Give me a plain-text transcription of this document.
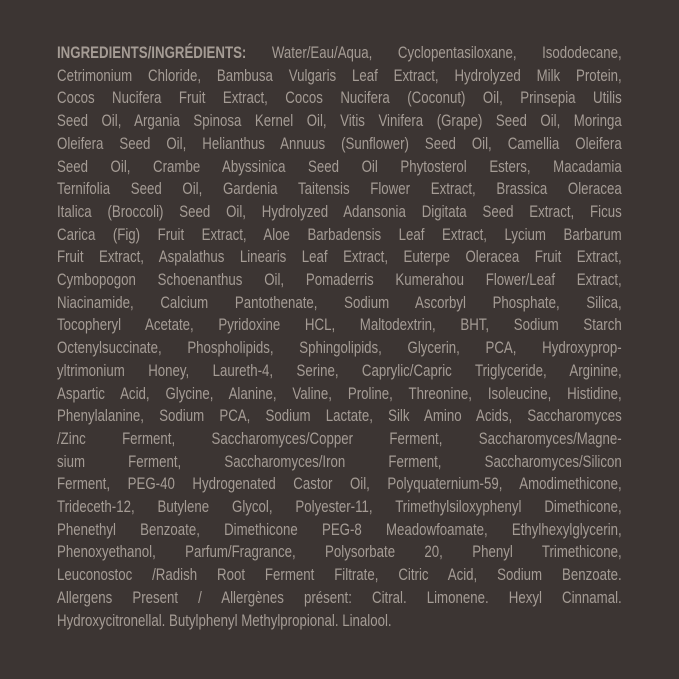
INGREDIENTS/INGRÉDIENTS: Water/Eau/Aqua, Cyclopentasiloxane, Isododecane,

Cetrimonium Chloride, Bambusa Vulgaris Leaf Extract, Hydrolyzed Milk Protein,

Cocos Nucifera Fruit Extract, Cocos Nucifera (Coconut) Oil, Prinsepia Utilis

Seed Oil, Argania Spinosa Kernel Oil, Vitis Vinifera (Grape) Seed Oil, Moringa

Oleifera Seed Oil, Helianthus Annuus (Sunflower) Seed Oil, Camellia Oleifera

Seed Oil, Crambe Abyssinica Seed Oil Phytosterol Esters, Macadamia

Ternifolia Seed Oil, Gardenia Taitensis Flower Extract, Brassica Oleracea

Italica (Broccoli) Seed Oil, Hydrolyzed Adansonia Digitata Seed Extract, Ficus

Carica (Fig) Fruit Extract, Aloe Barbadensis Leaf Extract, Lycium Barbarum

Fruit Extract, Aspalathus Linearis Leaf Extract, Euterpe Oleracea Fruit Extract,

Cymbopogon Schoenanthus Oil, Pomaderris Kumerahou Flower/Leaf Extract,

Niacinamide, Calcium Pantothenate, Sodium Ascorbyl Phosphate, Silica,

Tocopheryl Acetate, Pyridoxine HCL, Maltodextrin, BHT, Sodium Starch

Octenylsuccinate, Phospholipids, Sphingolipids, Glycerin, PCA, Hydroxyprop-

yltrimonium Honey, Laureth-4, Serine, Caprylic/Capric Triglyceride, Arginine,

Aspartic Acid, Glycine, Alanine, Valine, Proline, Threonine, Isoleucine, Histidine,

Phenylalanine, Sodium PCA, Sodium Lactate, Silk Amino Acids, Saccharomyces

/Zinc Ferment, Saccharomyces/Copper Ferment, Saccharomyces/Magne-

sium Ferment, Saccharomyces/Iron Ferment, Saccharomyces/Silicon

Ferment, PEG-40 Hydrogenated Castor Oil, Polyquaternium-59, Amodimethicone,

Trideceth-12, Butylene Glycol, Polyester-11, Trimethylsiloxyphenyl Dimethicone,

Phenethyl Benzoate, Dimethicone PEG-8 Meadowfoamate, Ethylhexylglycerin,

Phenoxyethanol, Parfum/Fragrance, Polysorbate 20, Phenyl Trimethicone,

Leuconostoc /Radish Root Ferment Filtrate, Citric Acid, Sodium Benzoate.

Allergens Present / Allergènes présent: Citral. Limonene. Hexyl Cinnamal.

Hydroxycitronellal. Butylphenyl Methylpropional. Linalool.
